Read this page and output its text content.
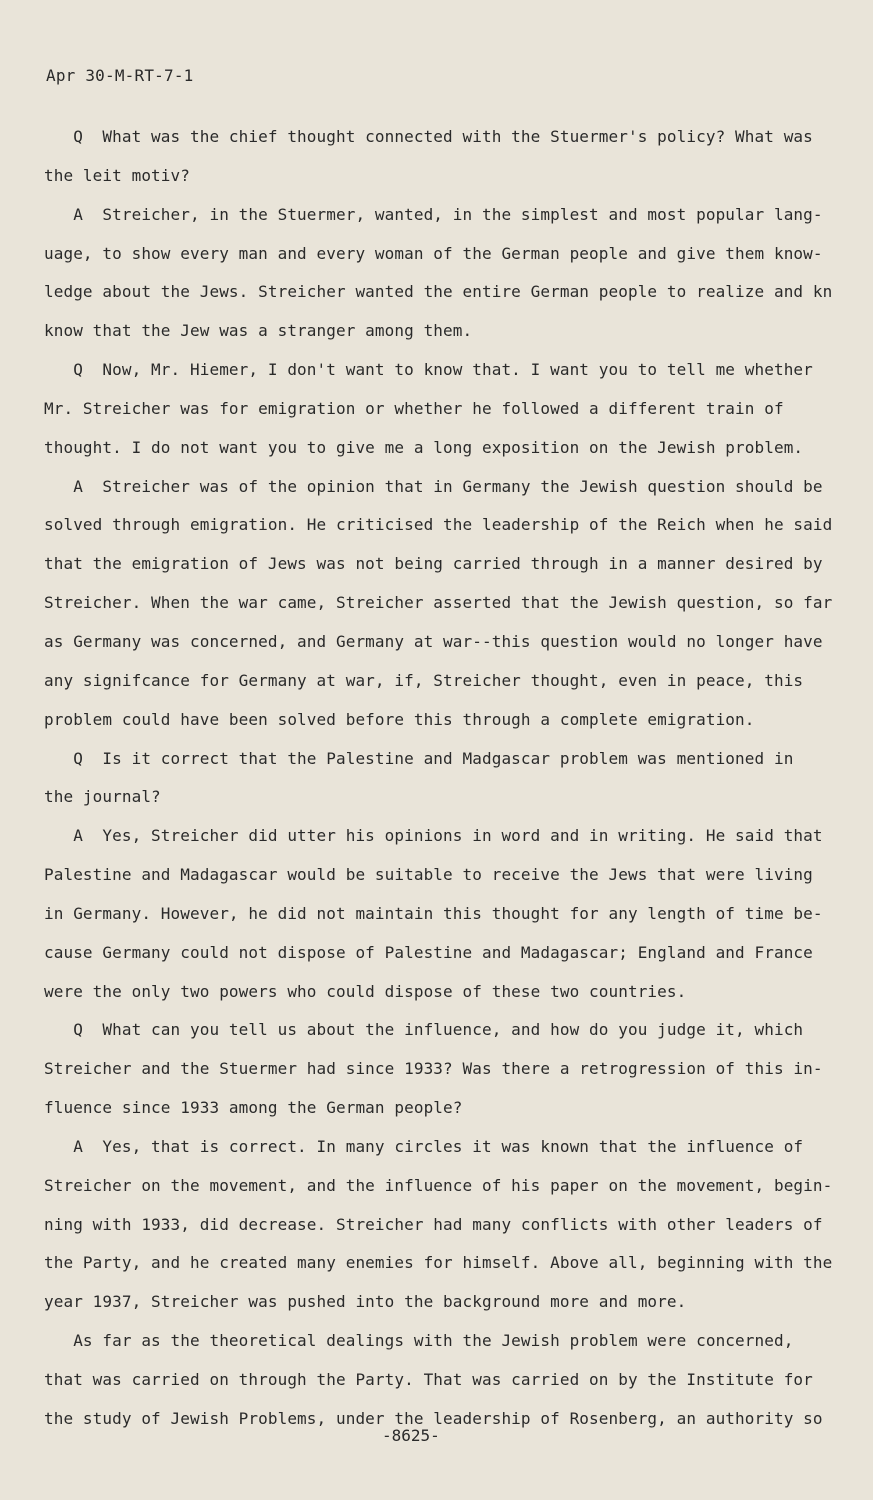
Apr 30-M-RT-7-1
Q  What was the chief thought connected with the Stuermer's policy? What was
the leit motiv?
A  Streicher, in the Stuermer, wanted, in the simplest and most popular lang-
uage, to show every man and every woman of the German people and give them know-
ledge about the Jews. Streicher wanted the entire German people to realize and kn
know that the Jew was a stranger among them.
Q  Now, Mr. Hiemer, I don't want to know that. I want you to tell me whether
Mr. Streicher was for emigration or whether he followed a different train of
thought. I do not want you to give me a long exposition on the Jewish problem.
A  Streicher was of the opinion that in Germany the Jewish question should be
solved through emigration. He criticised the leadership of the Reich when he said
that the emigration of Jews was not being carried through in a manner desired by
Streicher. When the war came, Streicher asserted that the Jewish question, so far
as Germany was concerned, and Germany at war--this question would no longer have
any signifcance for Germany at war, if, Streicher thought, even in peace, this
problem could have been solved before this through a complete emigration.
Q  Is it correct that the Palestine and Madgascar problem was mentioned in
the journal?
A  Yes, Streicher did utter his opinions in word and in writing. He said that
Palestine and Madagascar would be suitable to receive the Jews that were living
in Germany. However, he did not maintain this thought for any length of time be-
cause Germany could not dispose of Palestine and Madagascar; England and France
were the only two powers who could dispose of these two countries.
Q  What can you tell us about the influence, and how do you judge it, which
Streicher and the Stuermer had since 1933? Was there a retrogression of this in-
fluence since 1933 among the German people?
A  Yes, that is correct. In many circles it was known that the influence of
Streicher on the movement, and the influence of his paper on the movement, begin-
ning with 1933, did decrease. Streicher had many conflicts with other leaders of
the Party, and he created many enemies for himself. Above all, beginning with the
year 1937, Streicher was pushed into the background more and more.
As far as the theoretical dealings with the Jewish problem were concerned,
that was carried on through the Party. That was carried on by the Institute for
the study of Jewish Problems, under the leadership of Rosenberg, an authority so
-8625-
